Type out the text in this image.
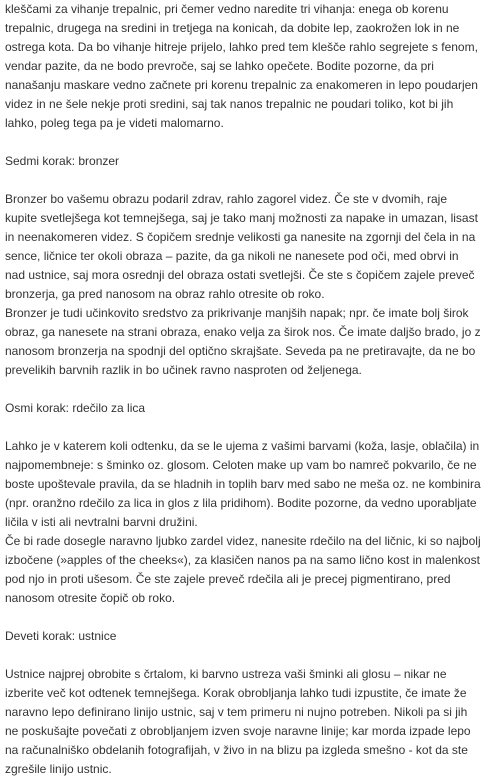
kleščami za vihanje trepalnic, pri čemer vedno naredite tri vihanja: enega ob korenu trepalnic, drugega na sredini in tretjega na konicah, da dobite lep, zaokrožen lok in ne ostrega kota. Da bo vihanje hitreje prijelo, lahko pred tem klešče rahlo segrejete s fenom, vendar pazite, da ne bodo prevroče, saj se lahko opečete. Bodite pozorne, da pri nanašanju maskare vedno začnete pri korenu trepalnic za enakomeren in lepo poudarjen videz in ne šele nekje proti sredini, saj tak nanos trepalnic ne poudari toliko, kot bi jih lahko, poleg tega pa je videti malomarno.

Sedmi korak: bronzer

Bronzer bo vašemu obrazu podaril zdrav, rahlo zagorel videz. Če ste v dvomih, raje kupite svetlejšega kot temnejšega, saj je tako manj možnosti za napake in umazan, lisast in neenakomeren videz. S čopičem srednje velikosti ga nanesite na zgornji del čela in na sence, ličnice ter okoli obraza – pazite, da ga nikoli ne nanesete pod oči, med obrvi in nad ustnice, saj mora osrednji del obraza ostati svetlejši. Če ste s čopičem zajele preveč bronzerja, ga pred nanosom na obraz rahlo otresite ob roko.

Bronzer je tudi učinkovito sredstvo za prikrivanje manjših napak; npr. če imate bolj širok obraz, ga nanesete na strani obraza, enako velja za širok nos. Če imate daljšo brado, jo z nanosom bronzerja na spodnji del optično skrajšate. Seveda pa ne pretiravajte, da ne bo prevelikih barvnih razlik in bo učinek ravno nasproten od željenega.

Osmi korak: rdečilo za lica

Lahko je v katerem koli odtenku, da se le ujema z vašimi barvami (koža, lasje, oblačila) in najpomembneje: s šminko oz. glosom. Celoten make up vam bo namreč pokvarilo, če ne boste upoštevale pravila, da se hladnih in toplih barv med sabo ne meša oz. ne kombinira (npr. oranžno rdečilo za lica in glos z lila pridihom). Bodite pozorne, da vedno uporabljate ličila v isti ali nevtralni barvni družini.

Če bi rade dosegle naravno ljubko zardel videz, nanesite rdečilo na del ličnic, ki so najbolj izbočene (»apples of the cheeks«), za klasičen nanos pa na samo lično kost in malenkost pod njo in proti ušesom. Če ste zajele preveč rdečila ali je precej pigmentirano, pred nanosom otresite čopič ob roko.

Deveti korak: ustnice

Ustnice najprej obrobite s črtalom, ki barvno ustreza vaši šminki ali glosu – nikar ne izberite več kot odtenek temnejšega. Korak obrobljanja lahko tudi izpustite, če imate že naravno lepo definirano linijo ustnic, saj v tem primeru ni nujno potreben. Nikoli pa si jih ne poskušajte povečati z obrobljanjem izven svoje naravne linije; kar morda izpade lepo na računalniško obdelanih fotografijah, v živo in na blizu pa izgleda smešno - kot da ste zgrešile linijo ustnic.
